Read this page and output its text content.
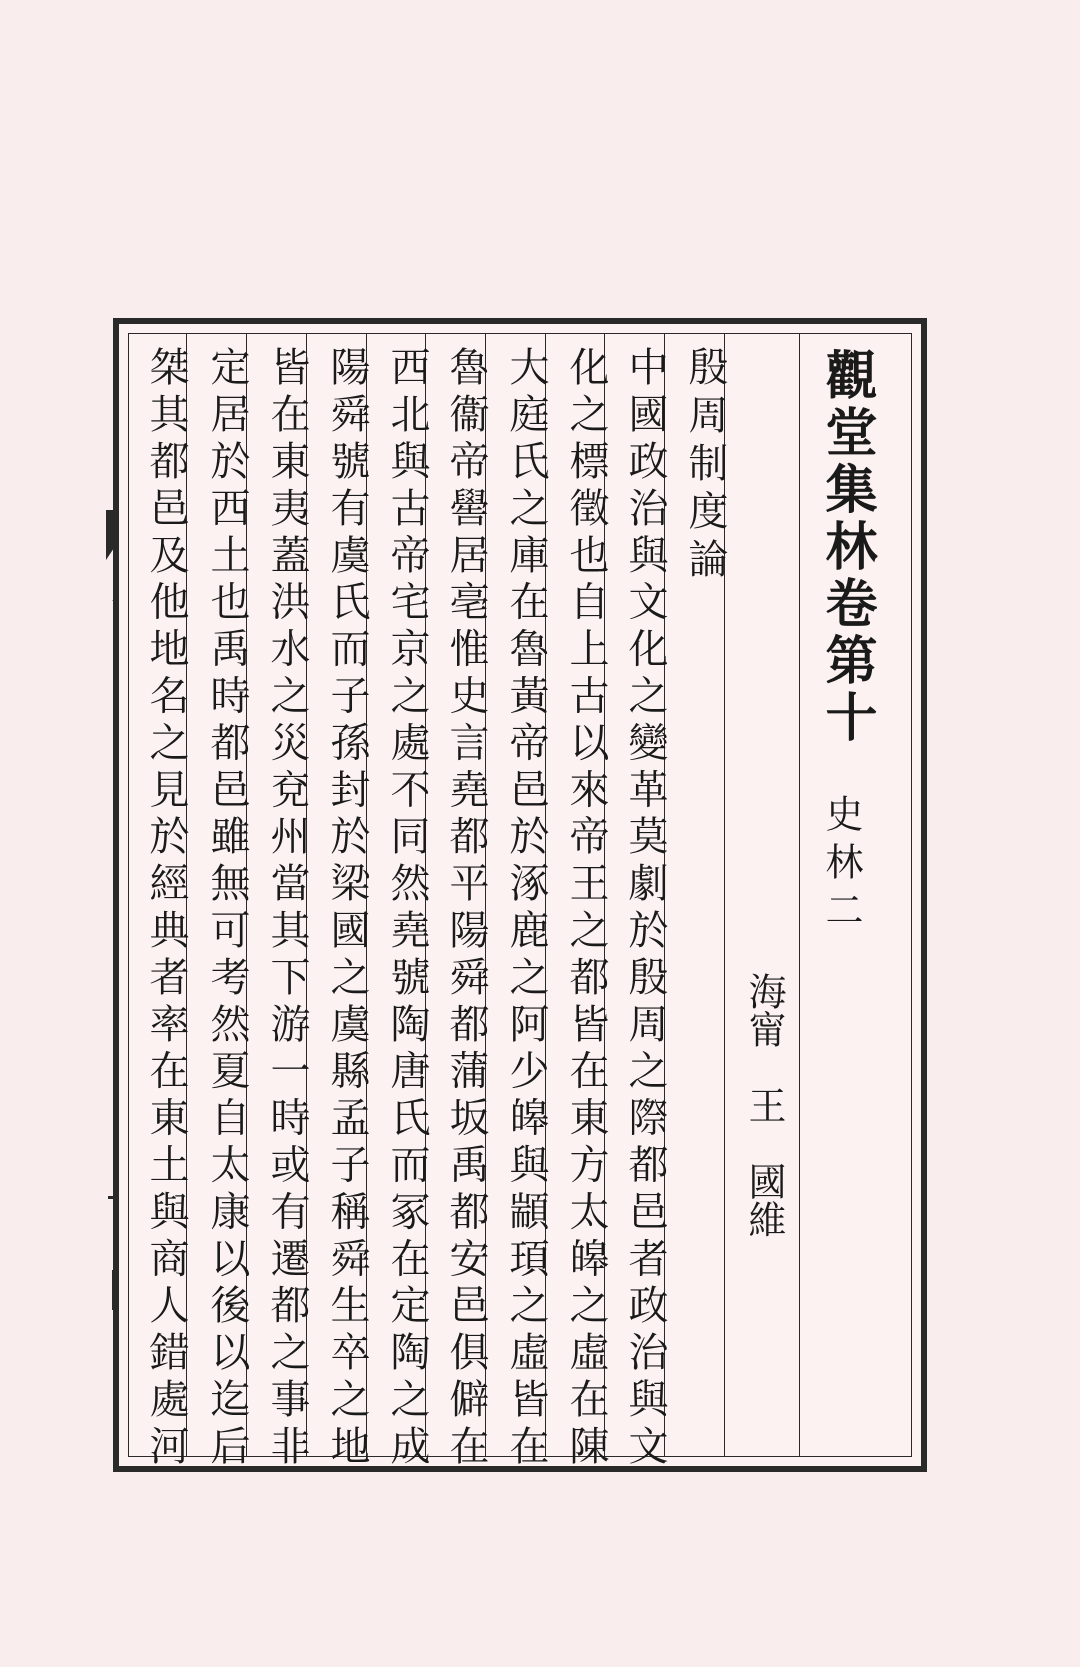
觀堂集林卷第十
史林二
海甯　王　國維
殷周制度論
中國政治與文化之變革莫劇於殷周之際都邑者政治與文
化之標徵也自上古以來帝王之都皆在東方太皞之虛在陳
大庭氏之庫在魯黃帝邑於涿鹿之阿少皞與顓頊之虛皆在
魯衞帝嚳居亳惟史言堯都平陽舜都蒲坂禹都安邑俱僻在
西北與古帝宅京之處不同然堯號陶唐氏而冢在定陶之成
陽舜號有虞氏而子孫封於梁國之虞縣孟子稱舜生卒之地
皆在東夷蓋洪水之災兗州當其下游一時或有遷都之事非
定居於西土也禹時都邑雖無可考然夏自太康以後以迄后
桀其都邑及他地名之見於經典者率在東土與商人錯處河
